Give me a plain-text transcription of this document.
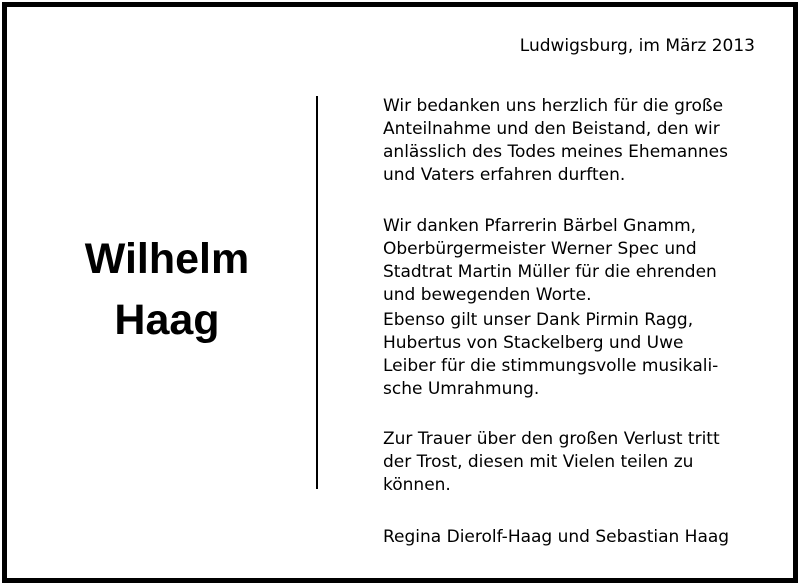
Ludwigsburg, im März 2013
Wilhelm
Haag
Wir bedanken uns herzlich für die große
Anteilnahme und den Beistand, den wir
anlässlich des Todes meines Ehemannes
und Vaters erfahren durften.
Wir danken Pfarrerin Bärbel Gnamm,
Oberbürgermeister Werner Spec und
Stadtrat Martin Müller für die ehrenden
und bewegenden Worte.
Ebenso gilt unser Dank Pirmin Ragg,
Hubertus von Stackelberg und Uwe
Leiber für die stimmungsvolle musikali-
sche Umrahmung.
Zur Trauer über den großen Verlust tritt
der Trost, diesen mit Vielen teilen zu
können.
Regina Dierolf-Haag und Sebastian Haag
